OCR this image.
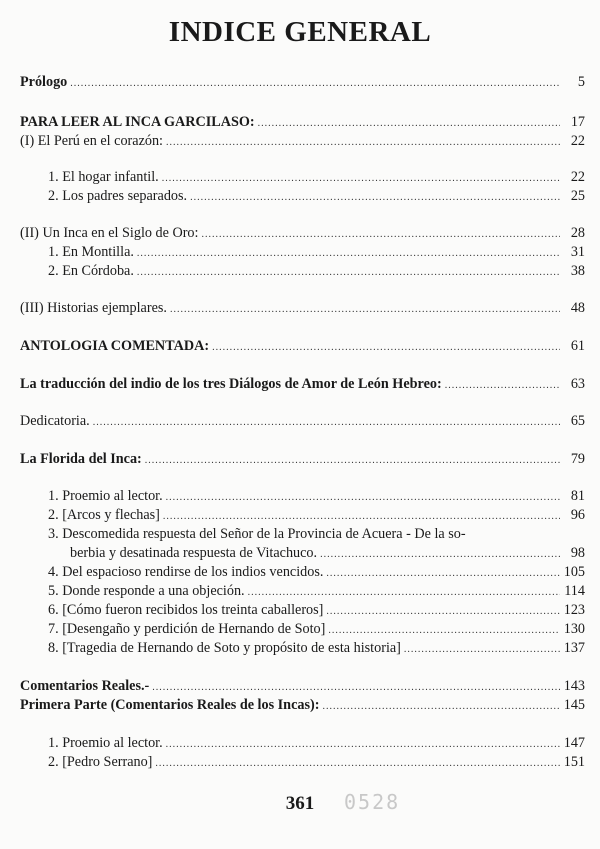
INDICE GENERAL
Prólogo .....	5
PARA LEER AL INCA GARCILASO: .....	17
(I) El Perú en el corazón: .....	22
1. El hogar infantil. .....	22
2. Los padres separados. .....	25
(II) Un Inca en el Siglo de Oro: .....	28
1. En Montilla. .....	31
2. En Córdoba. .....	38
(III) Historias ejemplares. .....	48
ANTOLOGIA COMENTADA: .....	61
La traducción del indio de los tres Diálogos de Amor de León Hebreo: .....	63
Dedicatoria. .....	65
La Florida del Inca: .....	79
1. Proemio al lector. .....	81
2. [Arcos y flechas] .....	96
3. Descomedida respuesta del Señor de la Provincia de Acuera - De la so-
berbia y desatinada respuesta de Vitachuco. .....	98
4. Del espacioso rendirse de los indios vencidos. .....	105
5. Donde responde a una objeción. .....	114
6. [Cómo fueron recibidos los treinta caballeros] .....	123
7. [Desengaño y perdición de Hernando de Soto] .....	130
8. [Tragedia de Hernando de Soto y propósito de esta historia] .....	137
Comentarios Reales.- .....	143
Primera Parte (Comentarios Reales de los Incas): .....	145
1. Proemio al lector. .....	147
2. [Pedro Serrano] .....	151
361	0528
